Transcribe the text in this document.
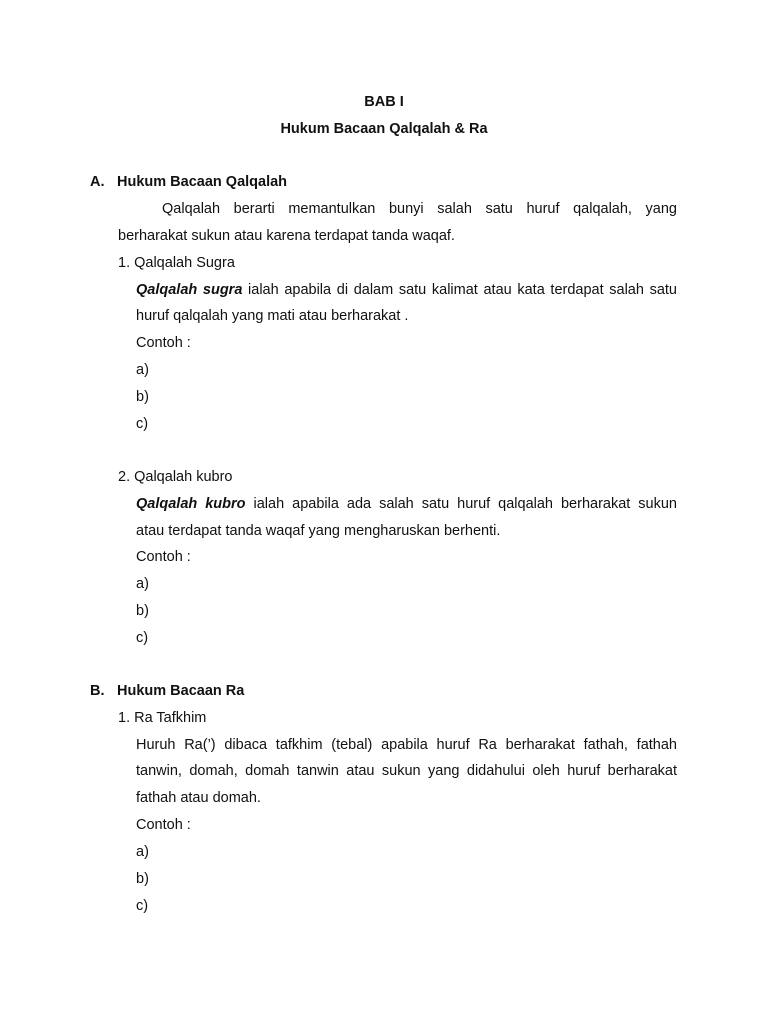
BAB I
Hukum Bacaan Qalqalah & Ra
A. Hukum Bacaan Qalqalah
Qalqalah berarti memantulkan bunyi salah satu huruf qalqalah, yang
berharakat sukun atau karena terdapat tanda waqaf.
1. Qalqalah Sugra
Qalqalah sugra ialah apabila di dalam satu kalimat atau kata terdapat salah satu
huruf qalqalah yang mati atau berharakat .
Contoh :
a)
b)
c)
2. Qalqalah kubro
Qalqalah kubro ialah apabila ada salah satu huruf qalqalah berharakat sukun
atau terdapat tanda waqaf yang mengharuskan berhenti.
Contoh :
a)
b)
c)
B. Hukum Bacaan Ra
1. Ra Tafkhim
Huruh Ra(’) dibaca tafkhim (tebal) apabila huruf Ra berharakat fathah, fathah
tanwin, domah, domah tanwin atau sukun yang didahului oleh huruf berharakat
fathah atau domah.
Contoh :
a)
b)
c)
